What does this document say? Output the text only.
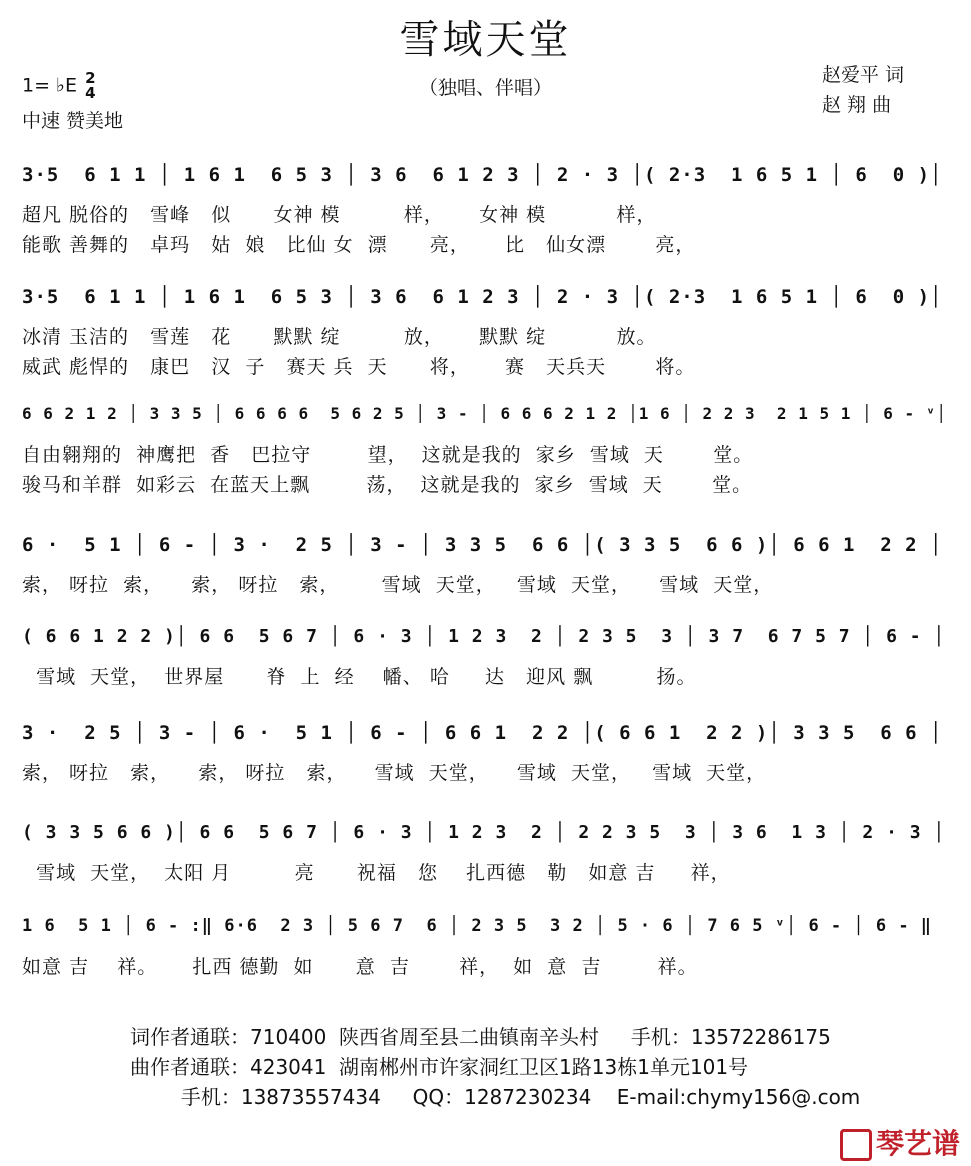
雪域天堂
（独唱、伴唱）
1= ♭E 2
4
中速 赞美地
赵爱平 词
赵 翔 曲
3·5  6 1 1 │ 1 6 1  6 5 3 │ 3 6  6 1 2 3 │ 2 · 3 │( 2·3  1 6 5 1 │ 6  0 )│
超凡 脱俗的   雪峰   似      女神 模         样，     女神 模          样，
能歌 善舞的   卓玛   姑  娘   比仙 女  漂      亮，     比   仙女漂       亮，
3·5  6 1 1 │ 1 6 1  6 5 3 │ 3 6  6 1 2 3 │ 2 · 3 │( 2·3  1 6 5 1 │ 6  0 )│
冰清 玉洁的   雪莲   花      默默 绽         放，     默默 绽          放。
威武 彪悍的   康巴   汉  子   赛天 兵  天      将，     赛   天兵天       将。
6 6 2 1 2 │ 3 3 5 │ 6 6 6 6  5 6 2 5 │ 3 - │ 6 6 6 2 1 2 │1 6 │ 2 2 3  2 1 5 1 │ 6 - ᵛ│
自由翱翔的  神鹰把  香   巴拉守        望，  这就是我的  家乡  雪域  天       堂。
骏马和羊群  如彩云  在蓝天上飘        荡，  这就是我的  家乡  雪域  天       堂。
6 ·  5 1 │ 6 - │ 3 ·  2 5 │ 3 - │ 3 3 5  6 6 │( 3 3 5  6 6 )│ 6 6 1  2 2 │
索， 呀拉  索，    索， 呀拉   索，      雪域  天堂，   雪域  天堂，    雪域  天堂，
( 6 6 1 2 2 )│ 6 6  5 6 7 │ 6 · 3 │ 1 2 3  2 │ 2 3 5  3 │ 3 7  6 7 5 7 │ 6 - │
雪域  天堂，  世界屋      脊  上  经    幡、 哈     达   迎风 飘         扬。
3 ·  2 5 │ 3 - │ 6 ·  5 1 │ 6 - │ 6 6 1  2 2 │( 6 6 1  2 2 )│ 3 3 5  6 6 │
索， 呀拉   索，    索， 呀拉   索，    雪域  天堂，    雪域  天堂，   雪域  天堂，
( 3 3 5 6 6 )│ 6 6  5 6 7 │ 6 · 3 │ 1 2 3  2 │ 2 2 3 5  3 │ 3 6  1 3 │ 2 · 3 │
雪域  天堂，  太阳 月         亮      祝福   您    扎西德   勒   如意 吉     祥，
1 6  5 1 │ 6 - :‖ 6·6  2 3 │ 5 6 7  6 │ 2 3 5  3 2 │ 5 · 6 │ 7 6 5 ᵛ│ 6 - │ 6 - ‖
如意 吉    祥。     扎西 德勤  如      意  吉       祥，  如  意  吉        祥。
词作者通联：710400  陕西省周至县二曲镇南辛头村     手机：13572286175
曲作者通联：423041  湖南郴州市许家洞红卫区1路13栋1单元101号
手机：13873557434     QQ：1287230234    E-mail:chymy156@.com
琴艺谱
